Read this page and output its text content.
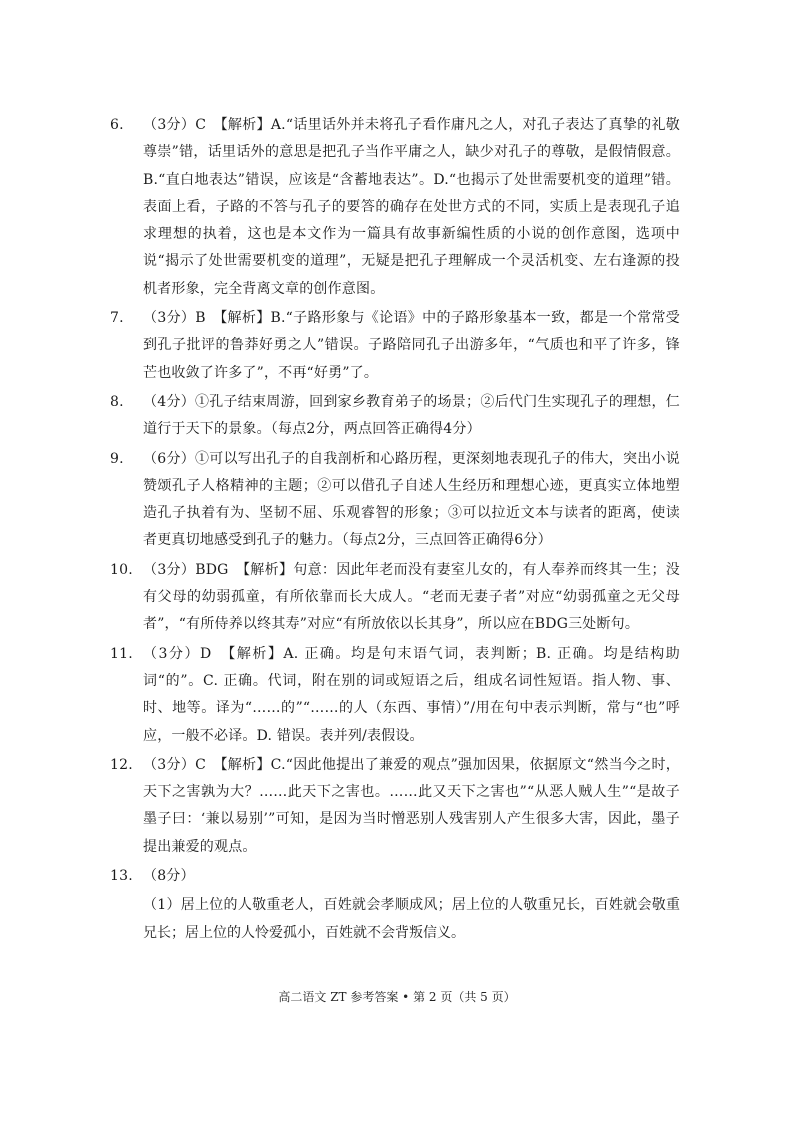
6.	（3分）C　【解析】A.“话里话外并未将孔子看作庸凡之人，对孔子表达了真挚的礼敬尊崇”错，话里话外的意思是把孔子当作平庸之人，缺少对孔子的尊敬，是假情假意。B.“直白地表达”错误，应该是“含蓄地表达”。D.“也揭示了处世需要机变的道理”错。表面上看，子路的不答与孔子的要答的确存在处世方式的不同，实质上是表现孔子追求理想的执着，这也是本文作为一篇具有故事新编性质的小说的创作意图，选项中说“揭示了处世需要机变的道理”，无疑是把孔子理解成一个灵活机变、左右逢源的投机者形象，完全背离文章的创作意图。
7.	（3分）B　【解析】B.“子路形象与《论语》中的子路形象基本一致，都是一个常常受到孔子批评的鲁莽好勇之人”错误。子路陪同孔子出游多年，“气质也和平了许多，锋芒也收敛了许多了”，不再“好勇”了。
8.	（4分）①孔子结束周游，回到家乡教育弟子的场景；②后代门生实现孔子的理想，仁道行于天下的景象。（每点2分，两点回答正确得4分）
9.	（6分）①可以写出孔子的自我剖析和心路历程，更深刻地表现孔子的伟大，突出小说赞颂孔子人格精神的主题；②可以借孔子自述人生经历和理想心迹，更真实立体地塑造孔子执着有为、坚韧不屈、乐观睿智的形象；③可以拉近文本与读者的距离，使读者更真切地感受到孔子的魅力。（每点2分，三点回答正确得6分）
10. （3分）BDG　【解析】句意：因此年老而没有妻室儿女的，有人奉养而终其一生；没有父母的幼弱孤童，有所依靠而长大成人。“老而无妻子者”对应“幼弱孤童之无父母者”，“有所侍养以终其寿”对应“有所放依以长其身”，所以应在BDG三处断句。
11. （3分）D　【解析】A. 正确。均是句末语气词，表判断；B. 正确。均是结构助词“的”。C. 正确。代词，附在别的词或短语之后，组成名词性短语。指人物、事、时、地等。译为“……的”“……的人（东西、事情）”/用在句中表示判断，常与“也”呼应，一般不必译。D. 错误。表并列/表假设。
12. （3分）C　【解析】C.“因此他提出了兼爱的观点”强加因果，依据原文“然当今之时，天下之害孰为大？……此天下之害也。……此又天下之害也”“从恶人贼人生”“是故子墨子曰：‘兼以易别’”可知，是因为当时憎恶别人残害别人产生很多大害，因此，墨子提出兼爱的观点。
13. （8分）
（1）居上位的人敬重老人，百姓就会孝顺成风；居上位的人敬重兄长，百姓就会敬重兄长；居上位的人怜爱孤小，百姓就不会背叛信义。
高二语文 ZT 参考答案 • 第 2 页（共 5 页）
